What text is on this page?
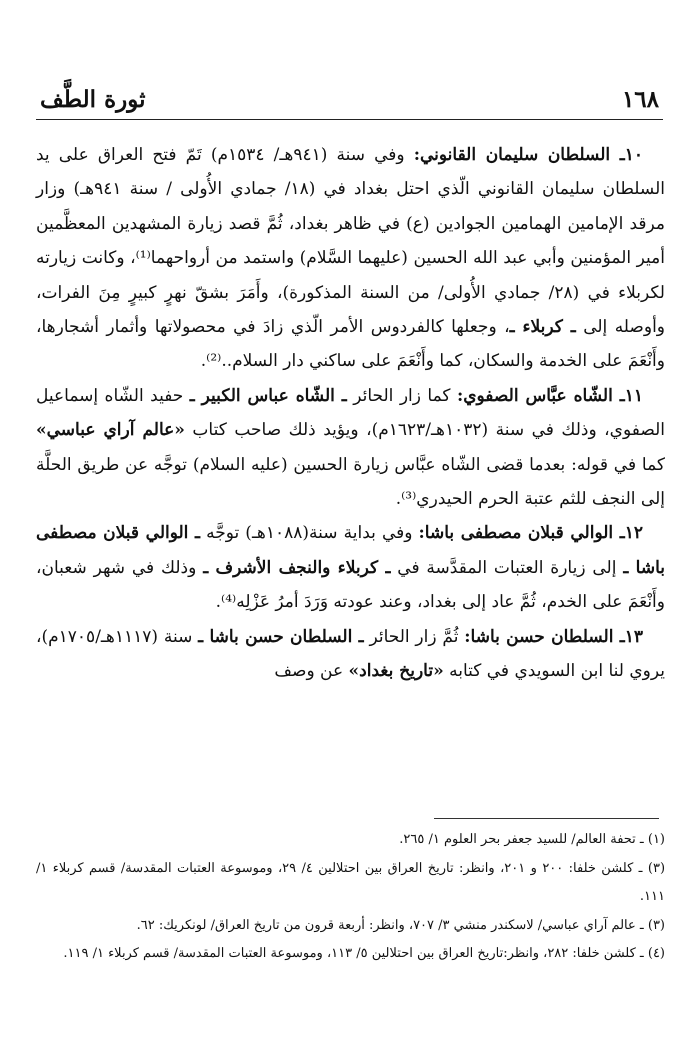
١٦٨
ثورة الطَّف

١٠ـ السلطان سليمان القانوني: وفي سنة (٩٤١هـ/ ١٥٣٤م) تَمّ فتح العراق على يد السلطان سليمان القانوني الّذي احتل بغداد في (١٨/ جمادي الأُولى / سنة ٩٤١هـ) وزار مرقد الإمامين الهمامين الجوادين (ع) في ظاهر بغداد، ثُمَّ قصد زيارة المشهدين المعظَّمين أمير المؤمنين وأبي عبد الله الحسين (عليهما السَّلام) واستمد من أرواحهما⁽¹⁾، وكانت زيارته لكربلاء في (٢٨/ جمادي الأُولى/ من السنة المذكورة)، وأَمَرَ بشقّ نهرٍ كبيرٍ مِنَ الفرات، وأوصله إلى ـ كربلاء ـ، وجعلها كالفردوس الأمر الّذي زادَ في محصولاتها وأثمار أشجارها، وأَنْعَمَ على الخدمة والسكان، كما وأَنْعَمَ على ساكني دار السلام..⁽²⁾.

١١ـ الشّاه عبَّاس الصفوي: كما زار الحائر ـ الشّاه عباس الكبير ـ حفيد الشّاه إسماعيل الصفوي، وذلك في سنة (١٠٣٢هـ/١٦٢٣م)، ويؤيد ذلك صاحب كتاب «عالم آراي عباسي» كما في قوله: بعدما قضى الشّاه عبَّاس زيارة الحسين (عليه السلام) توجَّه عن طريق الحلَّة إلى النجف للثم عتبة الحرم الحيدري⁽³⁾.

١٢ـ الوالي قبلان مصطفى باشا: وفي بداية سنة(١٠٨٨هـ) توجَّه ـ الوالي قبلان مصطفى باشا ـ إلى زيارة العتبات المقدَّسة في ـ كربلاء والنجف الأشرف ـ وذلك في شهر شعبان، وأَنْعَمَ على الخدم، ثُمَّ عاد إلى بغداد، وعند عودته وَرَدَ أمرُ عَزْلِه⁽⁴⁾.

١٣ـ السلطان حسن باشا: ثُمَّ زار الحائر ـ السلطان حسن باشا ـ سنة (١١١٧هـ/١٧٠٥م)، يروي لنا ابن السويدي في كتابه «تاريخ بغداد» عن وصف

(١) ـ تحفة العالم/ للسيد جعفر بحر العلوم ١/ ٢٦٥.

(٣) ـ كلشن خلفا: ٢٠٠ و ٢٠١، وانظر: تاريخ العراق بين احتلالين ٤/ ٢٩، وموسوعة العتبات المقدسة/ قسم كربلاء ١/ ١١١.

(٣) ـ عالم آراي عباسي/ لاسكندر منشي ٣/ ٧٠٧، وانظر: أربعة قرون من تاريخ العراق/ لونكريك: ٦٢.

(٤) ـ كلشن خلفا: ٢٨٢، وانظر:تاريخ العراق بين احتلالين ٥/ ١١٣، وموسوعة العتبات المقدسة/ قسم كربلاء ١/ ١١٩.
